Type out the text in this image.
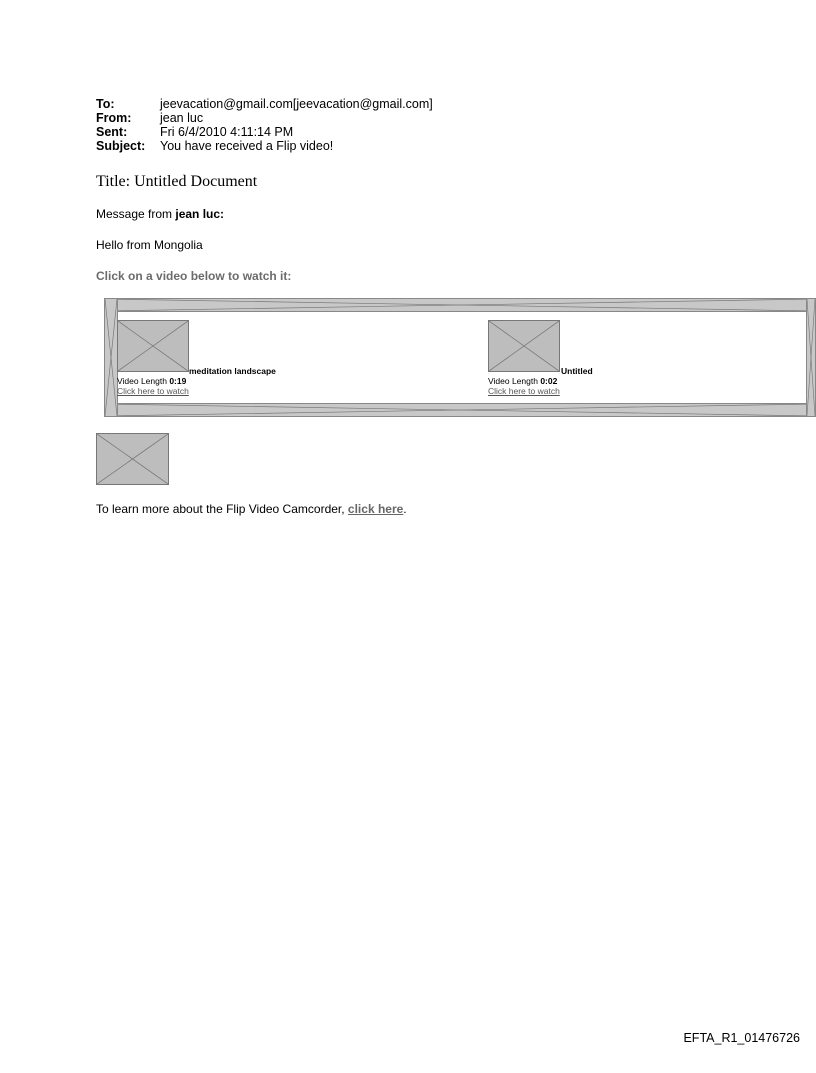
To:	jeevacation@gmail.com[jeevacation@gmail.com]
From:	jean luc
Sent:	Fri 6/4/2010 4:11:14 PM
Subject:	You have received a Flip video!
Title: Untitled Document
Message from jean luc:
Hello from Mongolia
Click on a video below to watch it:
meditation landscape
Video Length 0:19
Click here to watch
Untitled
Video Length 0:02
Click here to watch
To learn more about the Flip Video Camcorder, click here.
EFTA_R1_01476726
